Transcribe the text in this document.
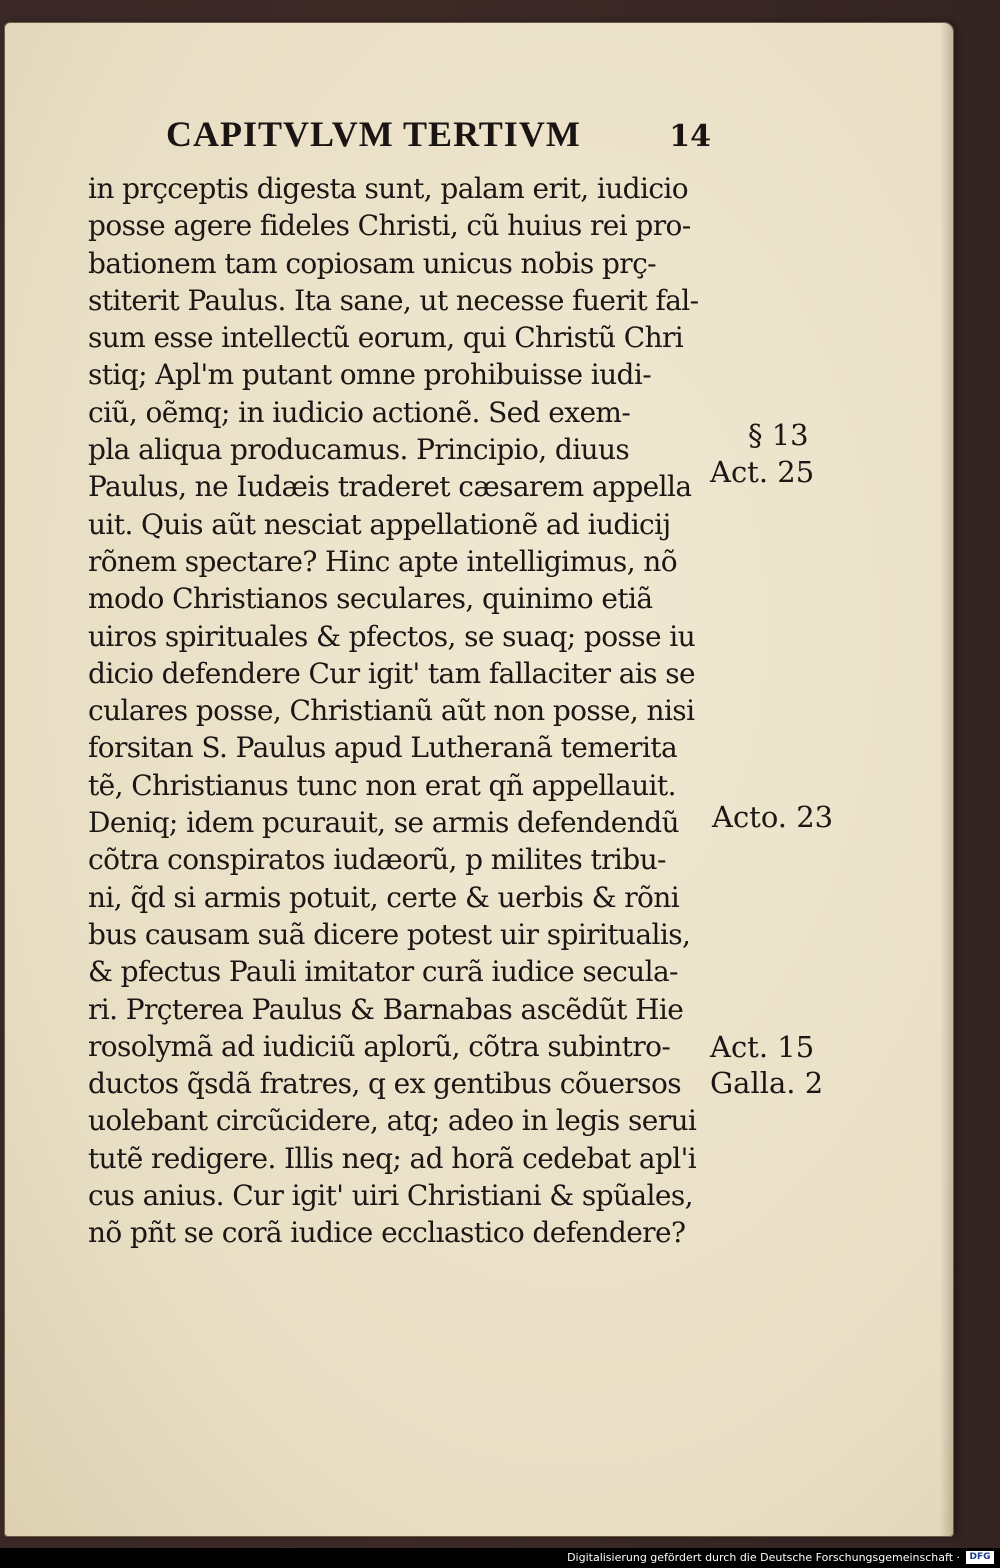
CAPITVLVM TERTIVM	14
in prçceptis digesta sunt, palam erit, iudicio
posse agere fideles Christi, cũ huius rei pro-
bationem tam copiosam unicus nobis prç-
stiterit Paulus. Ita sane, ut necesse fuerit fal-
sum esse intellectũ eorum, qui Christũ Chri
stiq; Apl'm putant omne prohibuisse iudi-
ciũ, oẽmq; in iudicio actionẽ. Sed exem-
pla aliqua producamus. Principio, diuus
Paulus, ne Iudæis traderet cæsarem appella
uit. Quis aũt nesciat appellationẽ ad iudicij
rõnem spectare? Hinc apte intelligimus, nõ
modo Christianos seculares, quinimo etiã
uiros spirituales & pfectos, se suaq; posse iu
dicio defendere Cur igit' tam fallaciter ais se
culares posse, Christianũ aũt non posse, nisi
forsitan S. Paulus apud Lutheranã temerita
tẽ, Christianus tunc non erat qñ appellauit.
Deniq; idem pcurauit, se armis defendendũ
cõtra conspiratos iudæorũ, p milites tribu-
ni, q̃d si armis potuit, certe & uerbis & rõni
bus causam suã dicere potest uir spiritualis,
& pfectus Pauli imitator curã iudice secula-
ri. Prçterea Paulus & Barnabas ascẽdũt Hie
rosolymã ad iudiciũ aplorũ, cõtra subintro-
ductos q̃sdã fratres, q ex gentibus cõuersos
uolebant circũcidere, atq; adeo in legis serui
tutẽ redigere. Illis neq; ad horã cedebat apl'i
cus anius. Cur igit' uiri Christiani & spũales,
nõ pñt se corã iudice ecclıastico defendere?
§ 13
Act. 25
Acto. 23
Act. 15
Galla. 2
Digitalisierung gefördert durch die Deutsche Forschungsgemeinschaft ·	DFG
